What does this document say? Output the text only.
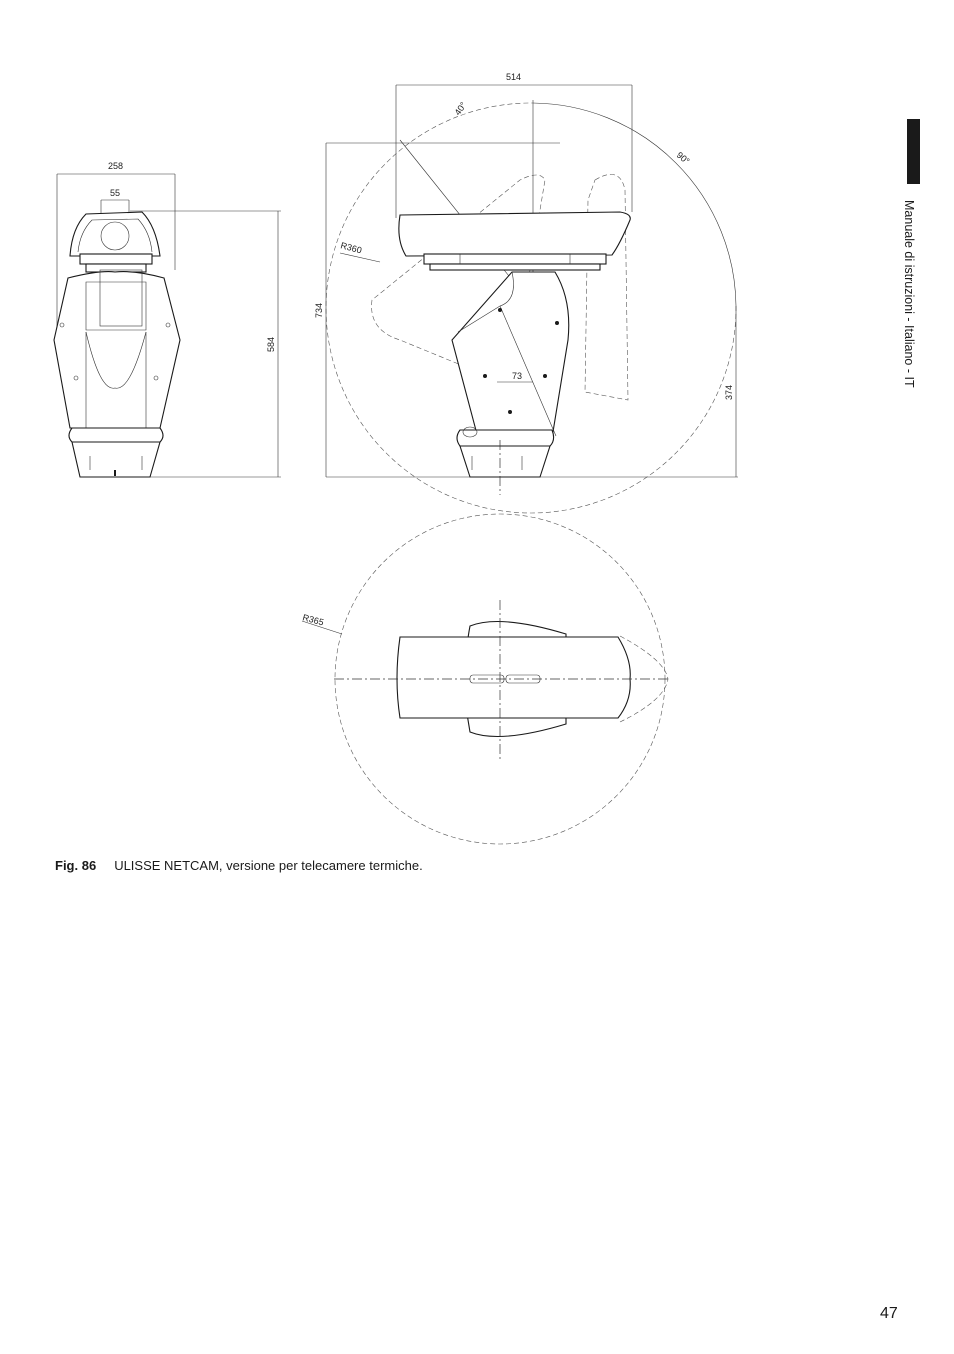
258
55
584
514
40°
90°
R360
734
73
374
R365
Fig. 86 ULISSE NETCAM, versione per telecamere termiche.
Manuale di istruzioni - Italiano - IT
47
